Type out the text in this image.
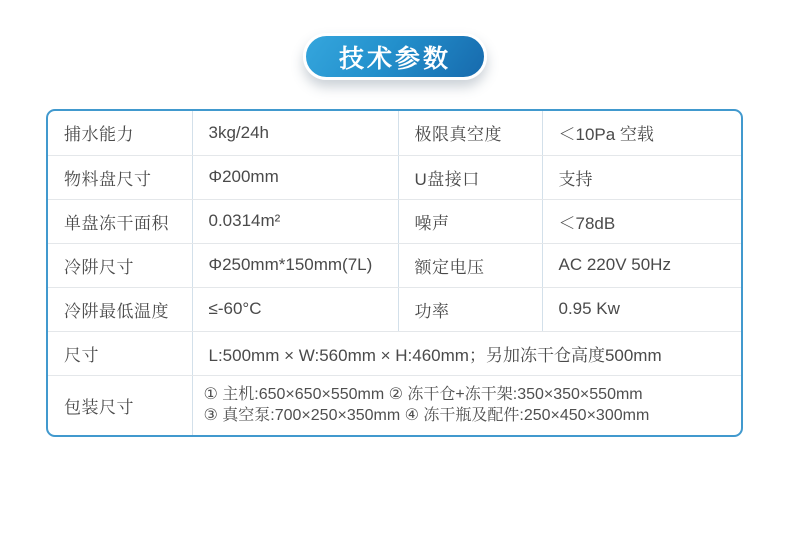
技术参数
捕水能力	3kg/24h	极限真空度	＜10Pa 空载
物料盘尺寸	Φ200mm	U盘接口	支持
单盘冻干面积	0.0314m²	噪声	＜78dB
冷阱尺寸	Φ250mm*150mm(7L)	额定电压	AC 220V 50Hz
冷阱最低温度	≤-60°C	功率	0.95 Kw
尺寸	L:500mm × W:560mm × H:460mm；另加冻干仓高度500mm		
包装尺寸	① 主机:650×650×550mm ② 冻干仓+冻干架:350×350×550mm
③ 真空泵:700×250×350mm ④ 冻干瓶及配件:250×450×300mm		
